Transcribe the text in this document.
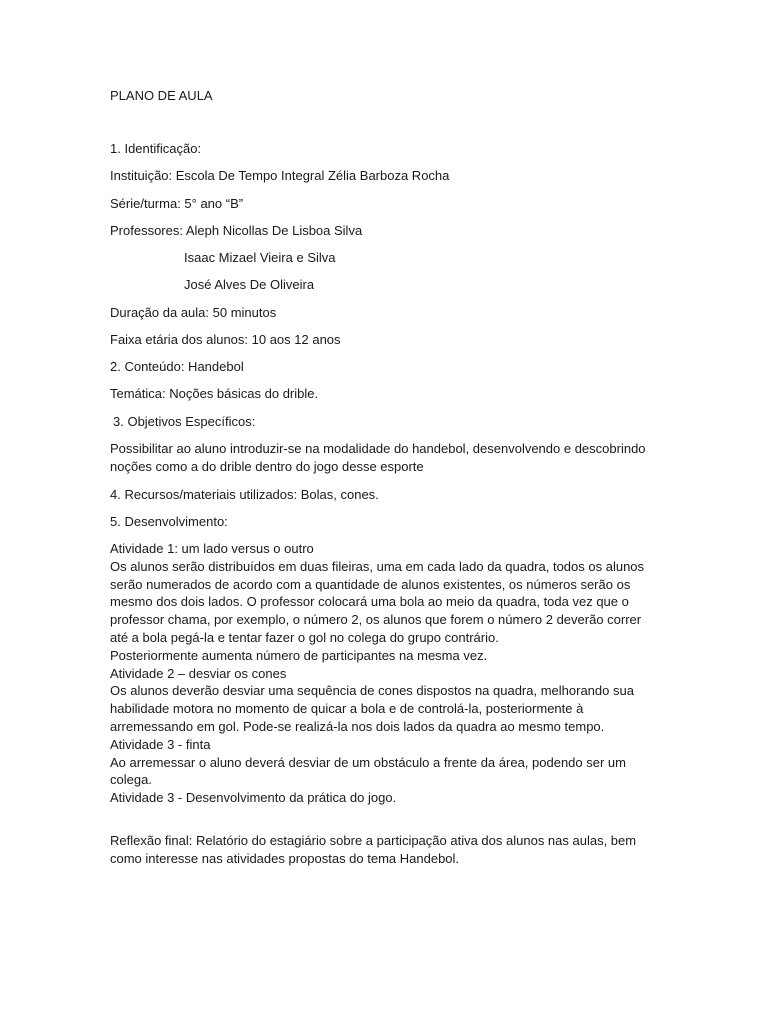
PLANO DE AULA
1. Identificação:
Instituição: Escola De Tempo Integral Zélia Barboza Rocha
Série/turma: 5° ano “B”
Professores: Aleph Nicollas De Lisboa Silva
Isaac Mizael Vieira e Silva
José Alves De Oliveira
Duração da aula: 50 minutos
Faixa etária dos alunos: 10 aos 12 anos
2. Conteúdo: Handebol
Temática: Noções básicas do drible.
3. Objetivos Específicos:
Possibilitar ao aluno introduzir-se na modalidade do handebol, desenvolvendo e descobrindo
noções como a do drible dentro do jogo desse esporte
4. Recursos/materiais utilizados: Bolas, cones.
5. Desenvolvimento:
Atividade 1: um lado versus o outro
Os alunos serão distribuídos em duas fileiras, uma em cada lado da quadra, todos os alunos
serão numerados de acordo com a quantidade de alunos existentes, os números serão os
mesmo dos dois lados. O professor colocará uma bola ao meio da quadra, toda vez que o
professor chama, por exemplo, o número 2, os alunos que forem o número 2 deverão correr
até a bola pegá-la e tentar fazer o gol no colega do grupo contrário.
Posteriormente aumenta número de participantes na mesma vez.
Atividade 2 – desviar os cones
Os alunos deverão desviar uma sequência de cones dispostos na quadra, melhorando sua
habilidade motora no momento de quicar a bola e de controlá-la, posteriormente à
arremessando em gol. Pode-se realizá-la nos dois lados da quadra ao mesmo tempo.
Atividade 3 - finta
Ao arremessar o aluno deverá desviar de um obstáculo a frente da área, podendo ser um
colega.
Atividade 3 - Desenvolvimento da prática do jogo.
Reflexão final: Relatório do estagiário sobre a participação ativa dos alunos nas aulas, bem
como interesse nas atividades propostas do tema Handebol.
